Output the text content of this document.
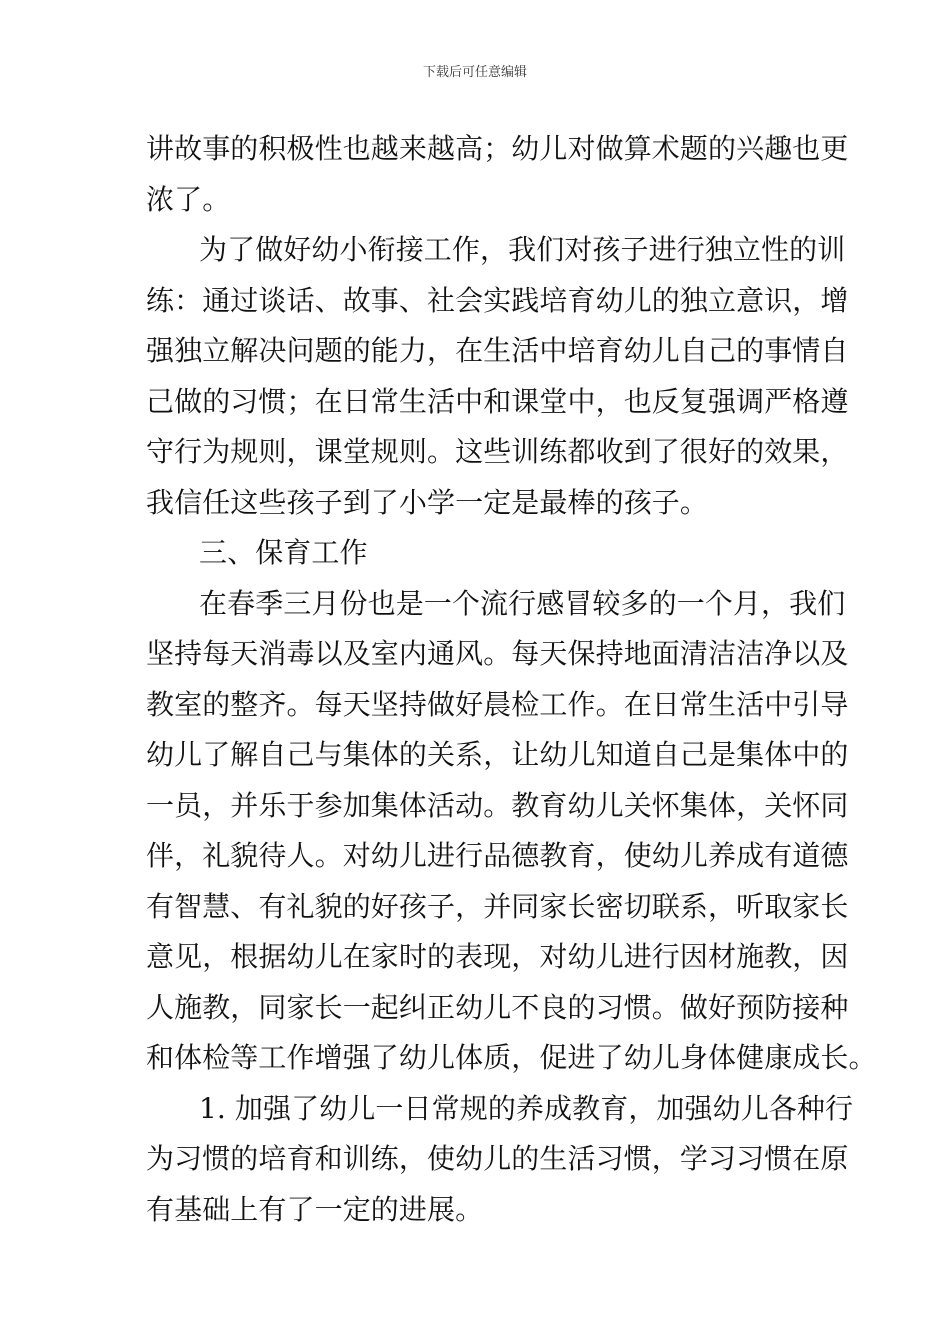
下载后可任意编辑
讲故事的积极性也越来越高；幼儿对做算术题的兴趣也更
浓了。
为了做好幼小衔接工作，我们对孩子进行独立性的训
练：通过谈话、故事、社会实践培育幼儿的独立意识，增
强独立解决问题的能力，在生活中培育幼儿自己的事情自
己做的习惯；在日常生活中和课堂中，也反复强调严格遵
守行为规则，课堂规则。这些训练都收到了很好的效果，
我信任这些孩子到了小学一定是最棒的孩子。
三、保育工作
在春季三月份也是一个流行感冒较多的一个月，我们
坚持每天消毒以及室内通风。每天保持地面清洁洁净以及
教室的整齐。每天坚持做好晨检工作。在日常生活中引导
幼儿了解自己与集体的关系，让幼儿知道自己是集体中的
一员，并乐于参加集体活动。教育幼儿关怀集体，关怀同
伴，礼貌待人。对幼儿进行品德教育，使幼儿养成有道德
有智慧、有礼貌的好孩子，并同家长密切联系，听取家长
意见，根据幼儿在家时的表现，对幼儿进行因材施教，因
人施教，同家长一起纠正幼儿不良的习惯。做好预防接种
和体检等工作增强了幼儿体质，促进了幼儿身体健康成长。
1. 加强了幼儿一日常规的养成教育，加强幼儿各种行
为习惯的培育和训练，使幼儿的生活习惯，学习习惯在原
有基础上有了一定的进展。
